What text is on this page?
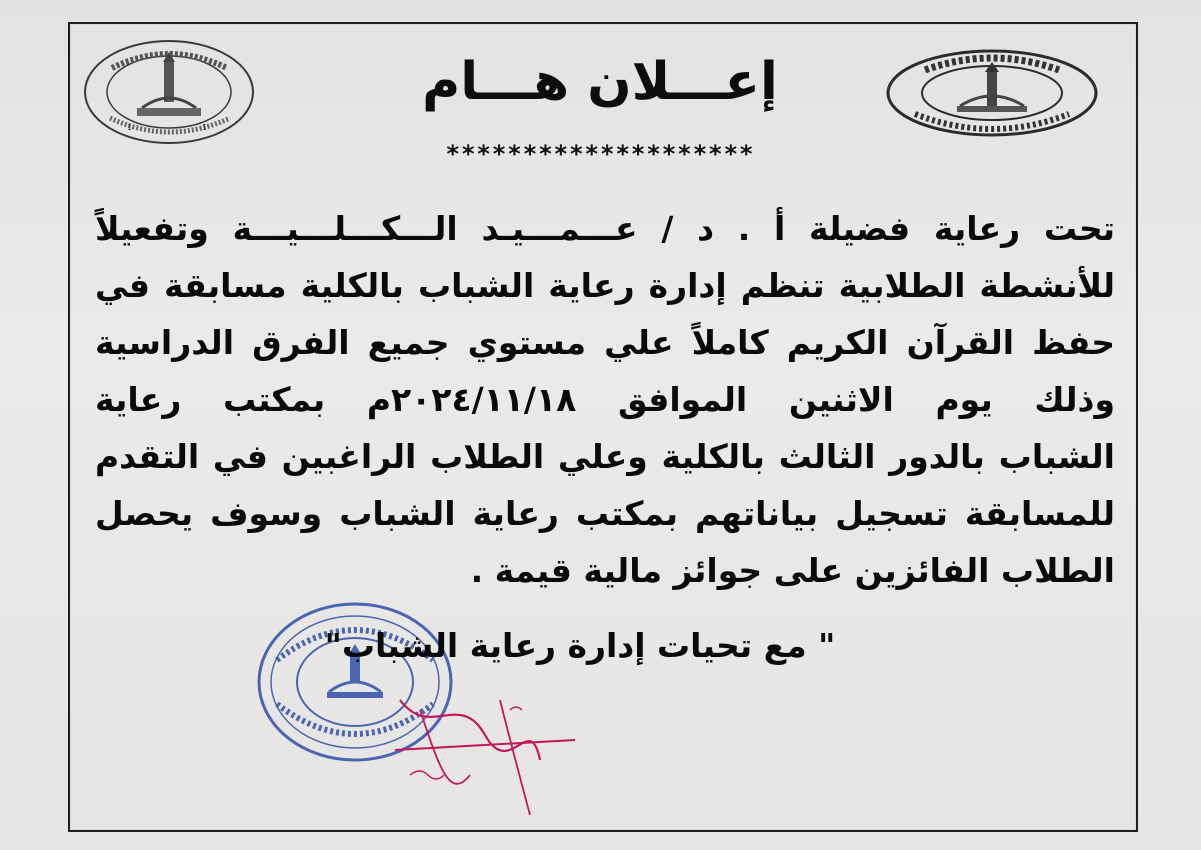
1	1
إعـــلان هـــام
********************
تحت رعاية فضيلة أ . د / عـــمـــيـد الـــكـــلـــيـــة وتفعيلاً
للأنشطة الطلابية تنظم إدارة رعاية الشباب بالكلية مسابقة في
حفظ القرآن الكريم كاملاً علي مستوي جميع الفرق الدراسية
وذلك يوم الاثنين الموافق ٢٠٢٤/١١/١٨م بمكتب رعاية
الشباب بالدور الثالث بالكلية وعلي الطلاب الراغبين في التقدم
للمسابقة تسجيل بياناتهم بمكتب رعاية الشباب وسوف يحصل
الطلاب الفائزين على جوائز مالية قيمة .
" مع تحيات إدارة رعاية الشباب"
